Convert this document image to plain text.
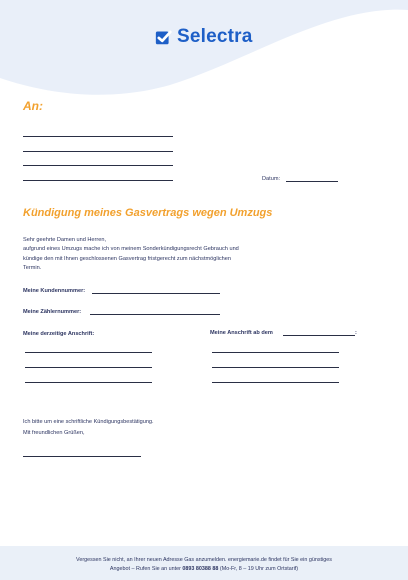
Selectra
An:
Datum:
Kündigung meines Gasvertrags wegen Umzugs
Sehr geehrte Damen und Herren,
aufgrund eines Umzugs mache ich von meinem Sonderkündigungsrecht Gebrauch und
kündige den mit Ihnen geschlossenen Gasvertrag fristgerecht zum nächstmöglichen
Termin.
Meine Kundennummer:
Meine Zählernummer:
Meine derzeitige Anschrift:	Meine Anschrift ab dem	:
Ich bitte um eine schriftliche Kündigungsbestätigung.
Mit freundlichen Grüßen,
Vergessen Sie nicht, an Ihrer neuen Adresse Gas anzumelden. energiemarie.de findet für Sie ein günstiges
Angebot – Rufen Sie an unter 0893 80388 88 (Mo-Fr, 8 – 19 Uhr zum Ortstarif)
